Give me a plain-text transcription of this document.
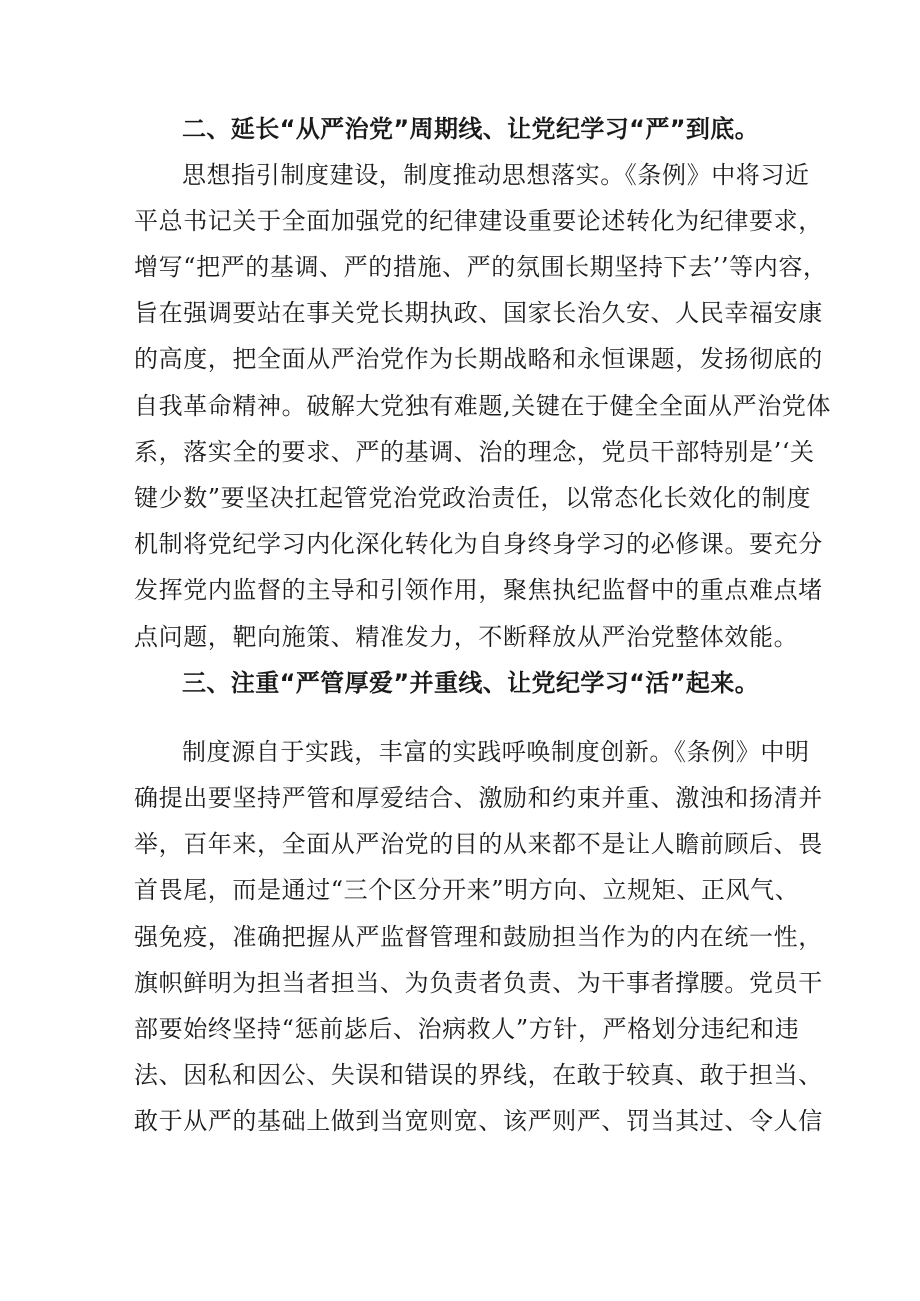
二、延长“从严治党”周期线、让党纪学习“严”到底。
思想指引制度建设，制度推动思想落实。《条例》中将习近
平总书记关于全面加强党的纪律建设重要论述转化为纪律要求，
增写“把严的基调、严的措施、严的氛围长期坚持下去’’等内容，
旨在强调要站在事关党长期执政、国家长治久安、人民幸福安康
的高度，把全面从严治党作为长期战略和永恒课题，发扬彻底的
自我革命精神。破解大党独有难题,关键在于健全全面从严治党体
系，落实全的要求、严的基调、治的理念，党员干部特别是’‘关
键少数”要坚决扛起管党治党政治责任，以常态化长效化的制度
机制将党纪学习内化深化转化为自身终身学习的必修课。要充分
发挥党内监督的主导和引领作用，聚焦执纪监督中的重点难点堵
点问题，靶向施策、精准发力，不断释放从严治党整体效能。
三、注重“严管厚爱”并重线、让党纪学习“活”起来。
制度源自于实践，丰富的实践呼唤制度创新。《条例》中明
确提出要坚持严管和厚爱结合、激励和约束并重、激浊和扬清并
举，百年来，全面从严治党的目的从来都不是让人瞻前顾后、畏
首畏尾，而是通过“三个区分开来”明方向、立规矩、正风气、
强免疫，准确把握从严监督管理和鼓励担当作为的内在统一性，
旗帜鲜明为担当者担当、为负责者负责、为干事者撑腰。党员干
部要始终坚持“惩前毖后、治病救人”方针，严格划分违纪和违
法、因私和因公、失误和错误的界线，在敢于较真、敢于担当、
敢于从严的基础上做到当宽则宽、该严则严、罚当其过、令人信
